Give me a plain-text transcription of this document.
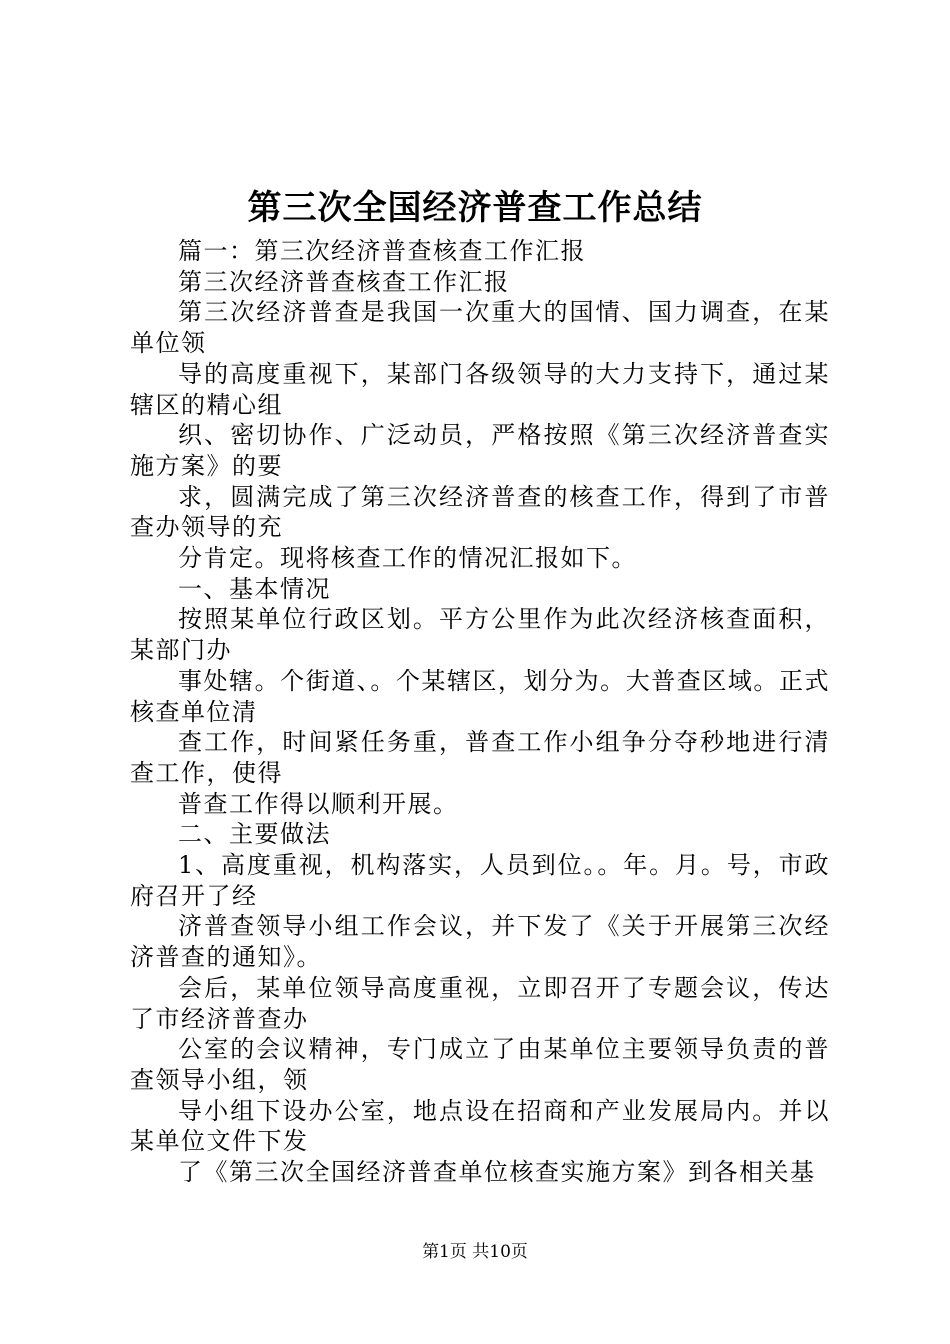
第三次全国经济普查工作总结

篇一：第三次经济普查核查工作汇报

第三次经济普查核查工作汇报

第三次经济普查是我国一次重大的国情、国力调查，在某单位领

导的高度重视下，某部门各级领导的大力支持下，通过某辖区的精心组

织、密切协作、广泛动员，严格按照《第三次经济普查实施方案》的要

求，圆满完成了第三次经济普查的核查工作，得到了市普查办领导的充

分肯定。现将核查工作的情况汇报如下。

一、基本情况

按照某单位行政区划。平方公里作为此次经济核查面积，某部门办

事处辖。个街道、。个某辖区，划分为。大普查区域。正式核查单位清

查工作，时间紧任务重，普查工作小组争分夺秒地进行清查工作，使得

普查工作得以顺利开展。

二、主要做法

1、高度重视，机构落实，人员到位。。年。月。号，市政府召开了经

济普查领导小组工作会议，并下发了《关于开展第三次经济普查的通知》。

会后，某单位领导高度重视，立即召开了专题会议，传达了市经济普查办

公室的会议精神，专门成立了由某单位主要领导负责的普查领导小组，领

导小组下设办公室，地点设在招商和产业发展局内。并以某单位文件下发

了《第三次全国经济普查单位核查实施方案》到各相关基

第1页 共10页
